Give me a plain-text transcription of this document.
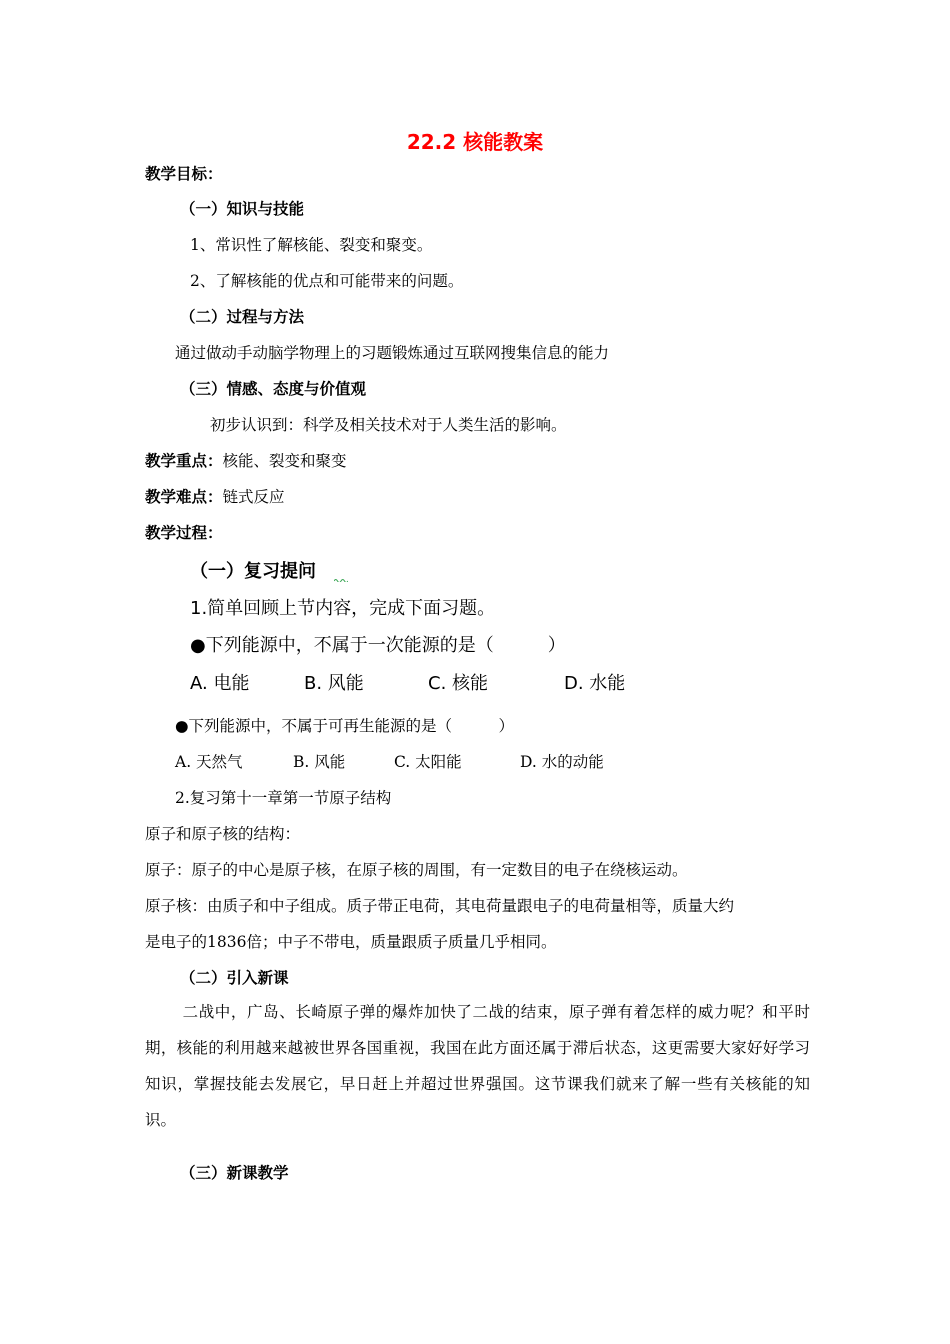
22.2 核能教案
教学目标：
（一）知识与技能
1、常识性了解核能、裂变和聚变。
2、了解核能的优点和可能带来的问题。
（二）过程与方法
通过做动手动脑学物理上的习题锻炼通过互联网搜集信息的能力
（三）情感、态度与价值观
初步认识到：科学及相关技术对于人类生活的影响。
教学重点：核能、裂变和聚变
教学难点：链式反应
教学过程：
（一）复习提问
1.简单回顾上节内容，完成下面习题。
●下列能源中，不属于一次能源的是（　　　）
A. 电能	B. 风能	C. 核能	D. 水能
●下列能源中，不属于可再生能源的是（　　　）
A. 天然气	B. 风能	C. 太阳能	D. 水的动能
2.复习第十一章第一节原子结构
原子和原子核的结构：
原子：原子的中心是原子核，在原子核的周围，有一定数目的电子在绕核运动。
原子核：由质子和中子组成。质子带正电荷，其电荷量跟电子的电荷量相等，质量大约
是电子的1836倍；中子不带电，质量跟质子质量几乎相同。
（二）引入新课
二战中，广岛、长崎原子弹的爆炸加快了二战的结束，原子弹有着怎样的威力呢？和平时期，核能的利用越来越被世界各国重视，我国在此方面还属于滞后状态，这更需要大家好好学习知识，掌握技能去发展它，早日赶上并超过世界强国。这节课我们就来了解一些有关核能的知识。
（三）新课教学
